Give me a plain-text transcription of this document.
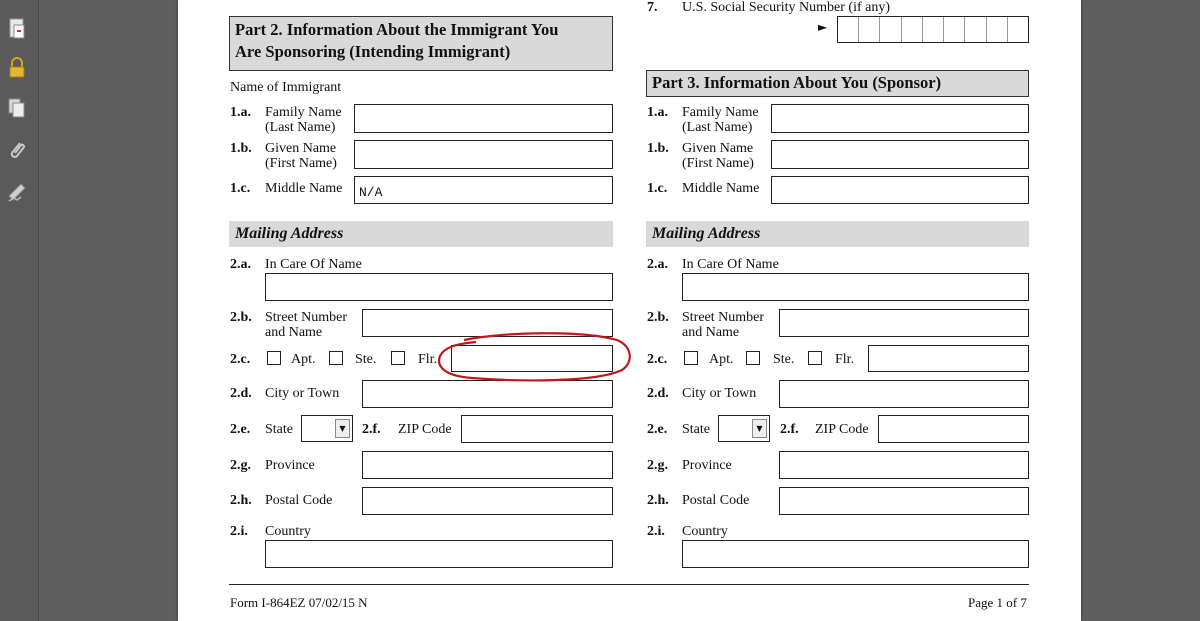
Part 2. Information About the Immigrant You
Are Sponsoring (Intending Immigrant)
Name of Immigrant
1.a. Family Name
(Last Name)
1.b. Given Name
(First Name)
1.c. Middle Name N/A
7. U.S. Social Security Number (if any)
►
Part 3. Information About You (Sponsor)
1.a. Family Name
(Last Name)
1.b. Given Name
(First Name)
1.c. Middle Name
Mailing Address
2.a. In Care Of Name
2.b. Street Number
and Name
2.c.	Apt.	Ste.	Flr.
2.d. City or Town
2.e. State	▼	2.f. ZIP Code
2.g. Province
2.h. Postal Code
2.i. Country
Mailing Address
2.a. In Care Of Name
2.b. Street Number
and Name
2.c.	Apt.	Ste.	Flr.
2.d. City or Town
2.e. State	▼	2.f. ZIP Code
2.g. Province
2.h. Postal Code
2.i. Country
Form I-864EZ 07/02/15 N	Page 1 of 7
